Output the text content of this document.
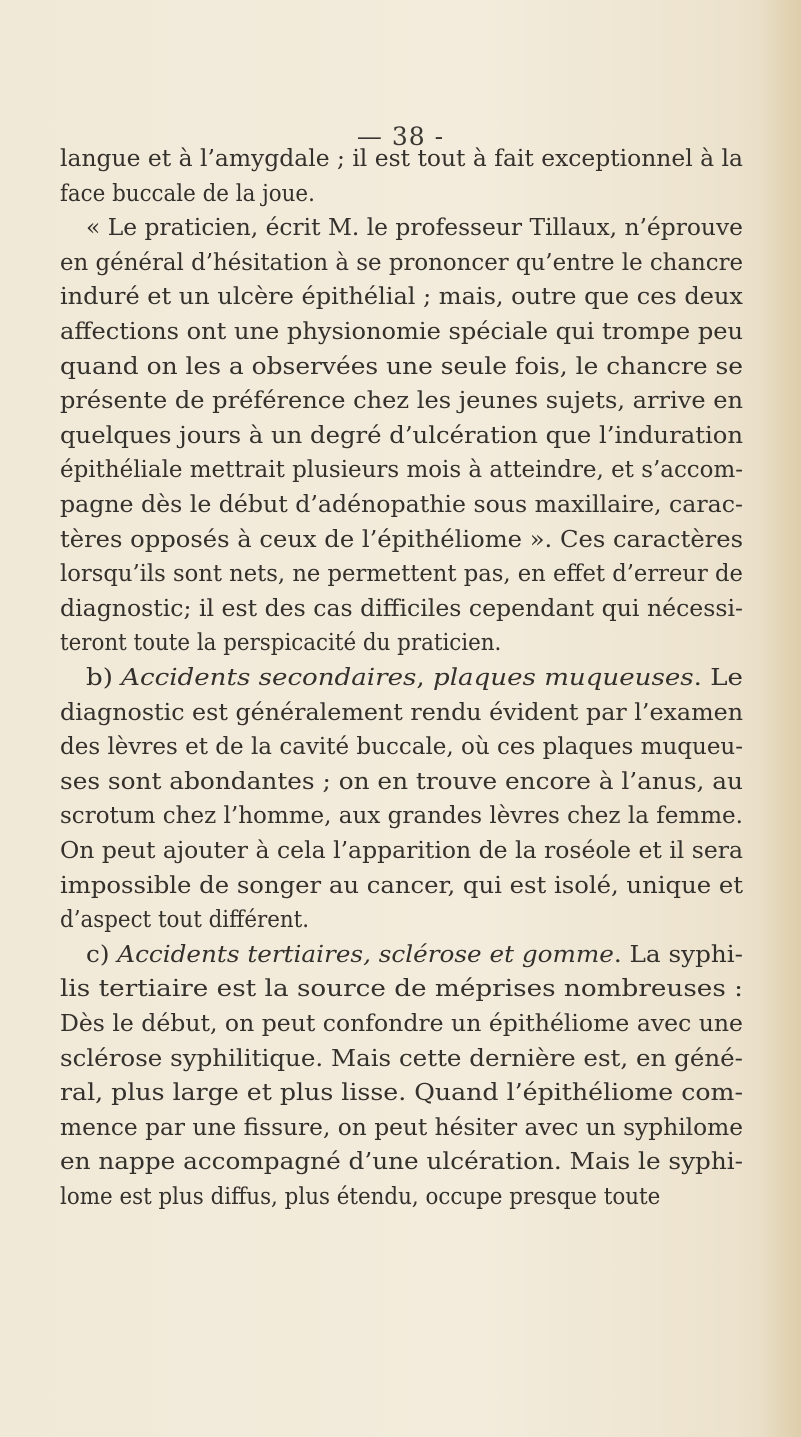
— 38 -
langue et à l’amygdale ; il est tout à fait exceptionnel à la
face buccale de la joue.
« Le praticien, écrit M. le professeur Tillaux, n’éprouve
en général d’hésitation à se prononcer qu’entre le chancre
induré et un ulcère épithélial ; mais, outre que ces deux
affections ont une physionomie spéciale qui trompe peu
quand on les a observées une seule fois, le chancre se
présente de préférence chez les jeunes sujets, arrive en
quelques jours à un degré d’ulcération que l’induration
épithéliale mettrait plusieurs mois à atteindre, et s’accom-
pagne dès le début d’adénopathie sous maxillaire, carac-
tères opposés à ceux de l’épithéliome ». Ces caractères
lorsqu’ils sont nets, ne permettent pas, en effet d’erreur de
diagnostic; il est des cas difficiles cependant qui nécessi-
teront toute la perspicacité du praticien.
b) Accidents secondaires, plaques muqueuses. Le
diagnostic est généralement rendu évident par l’examen
des lèvres et de la cavité buccale, où ces plaques muqueu-
ses sont abondantes ; on en trouve encore à l’anus, au
scrotum chez l’homme, aux grandes lèvres chez la femme.
On peut ajouter à cela l’apparition de la roséole et il sera
impossible de songer au cancer, qui est isolé, unique et
d’aspect tout différent.
c) Accidents tertiaires, sclérose et gomme. La syphi-
lis tertiaire est la source de méprises nombreuses :
Dès le début, on peut confondre un épithéliome avec une
sclérose syphilitique. Mais cette dernière est, en géné-
ral, plus large et plus lisse. Quand l’épithéliome com-
mence par une fissure, on peut hésiter avec un syphilome
en nappe accompagné d’une ulcération. Mais le syphi-
lome est plus diffus, plus étendu, occupe presque toute
